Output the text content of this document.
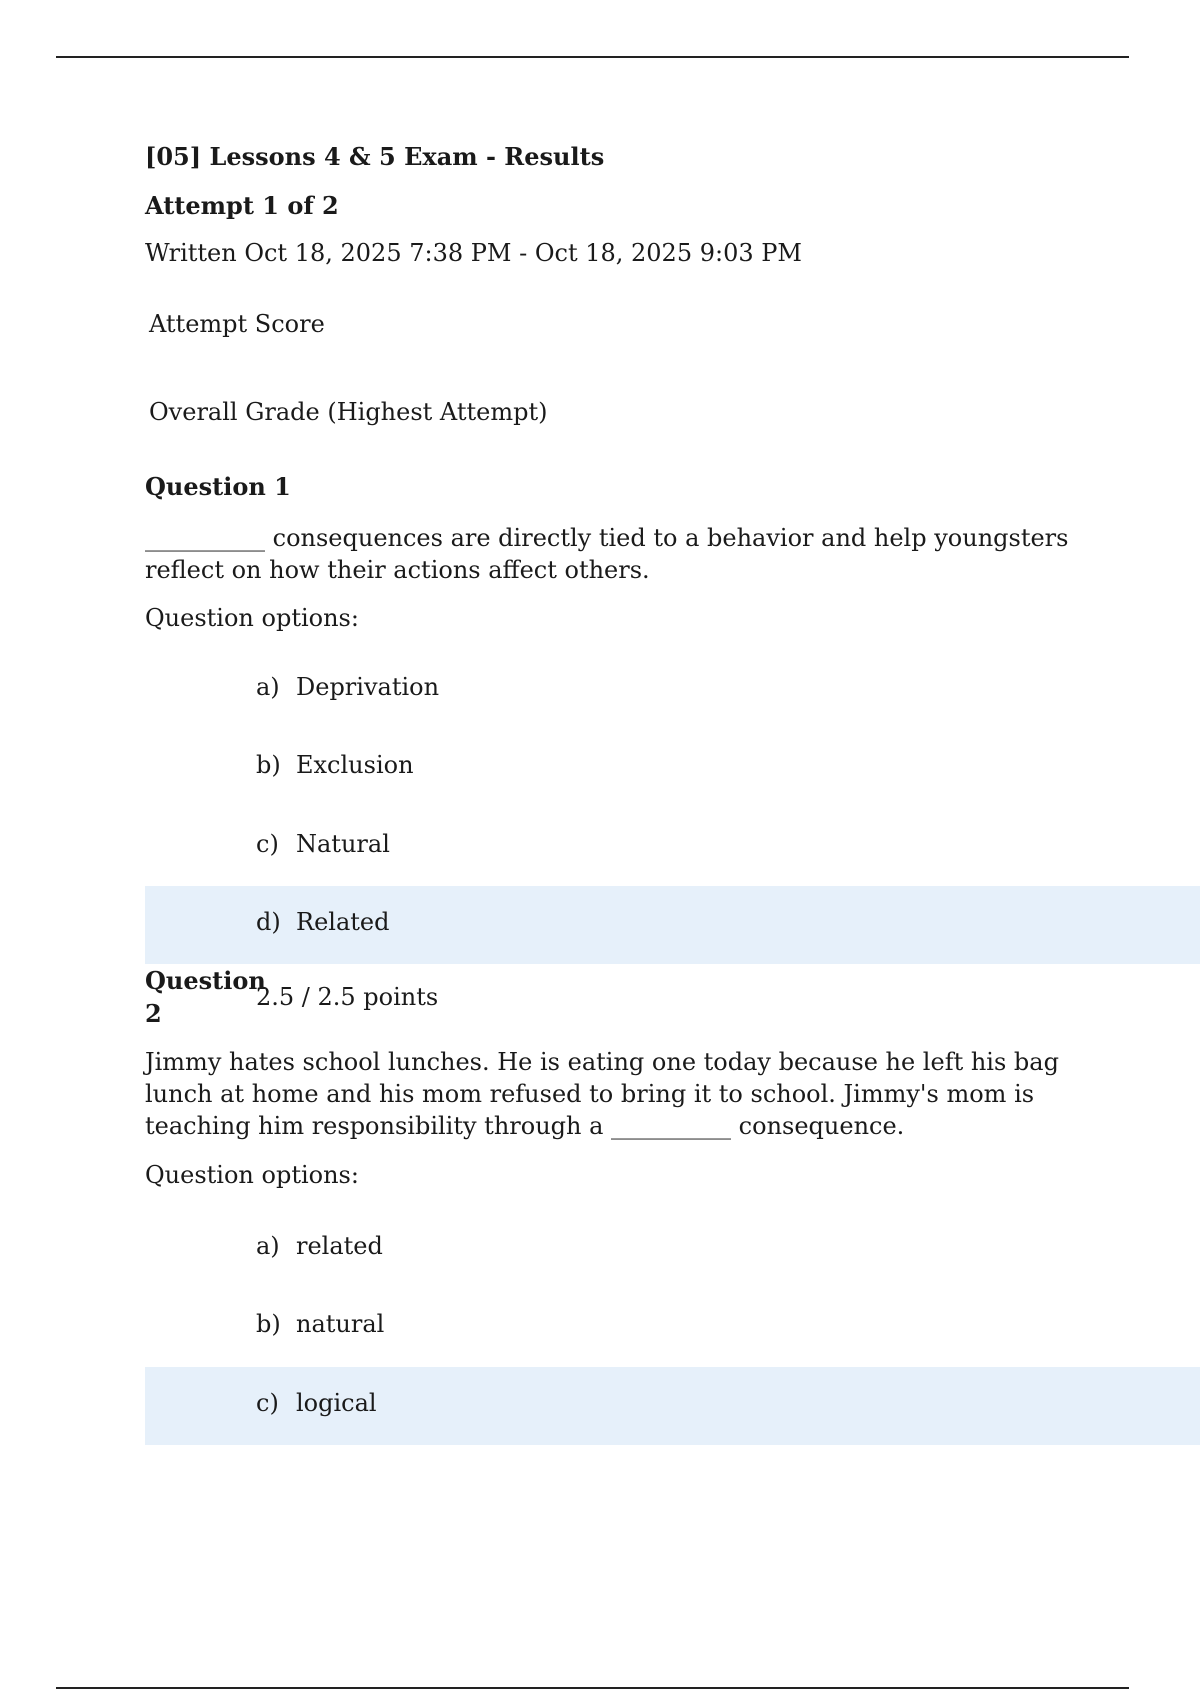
[05] Lessons 4 & 5 Exam - Results

Attempt 1 of 2

Written Oct 18, 2025 7:38 PM - Oct 18, 2025 9:03 PM

Attempt Score

Overall Grade (Highest Attempt)

Question 1

__________ consequences are directly tied to a behavior and help youngsters reflect on how their actions affect others.

Question options:

a) Deprivation
b) Exclusion
c) Natural
d) Related

Question 2

2.5 / 2.5 points

Jimmy hates school lunches. He is eating one today because he left his bag lunch at home and his mom refused to bring it to school. Jimmy's mom is teaching him responsibility through a __________ consequence.

Question options:

a) related
b) natural
c) logical
